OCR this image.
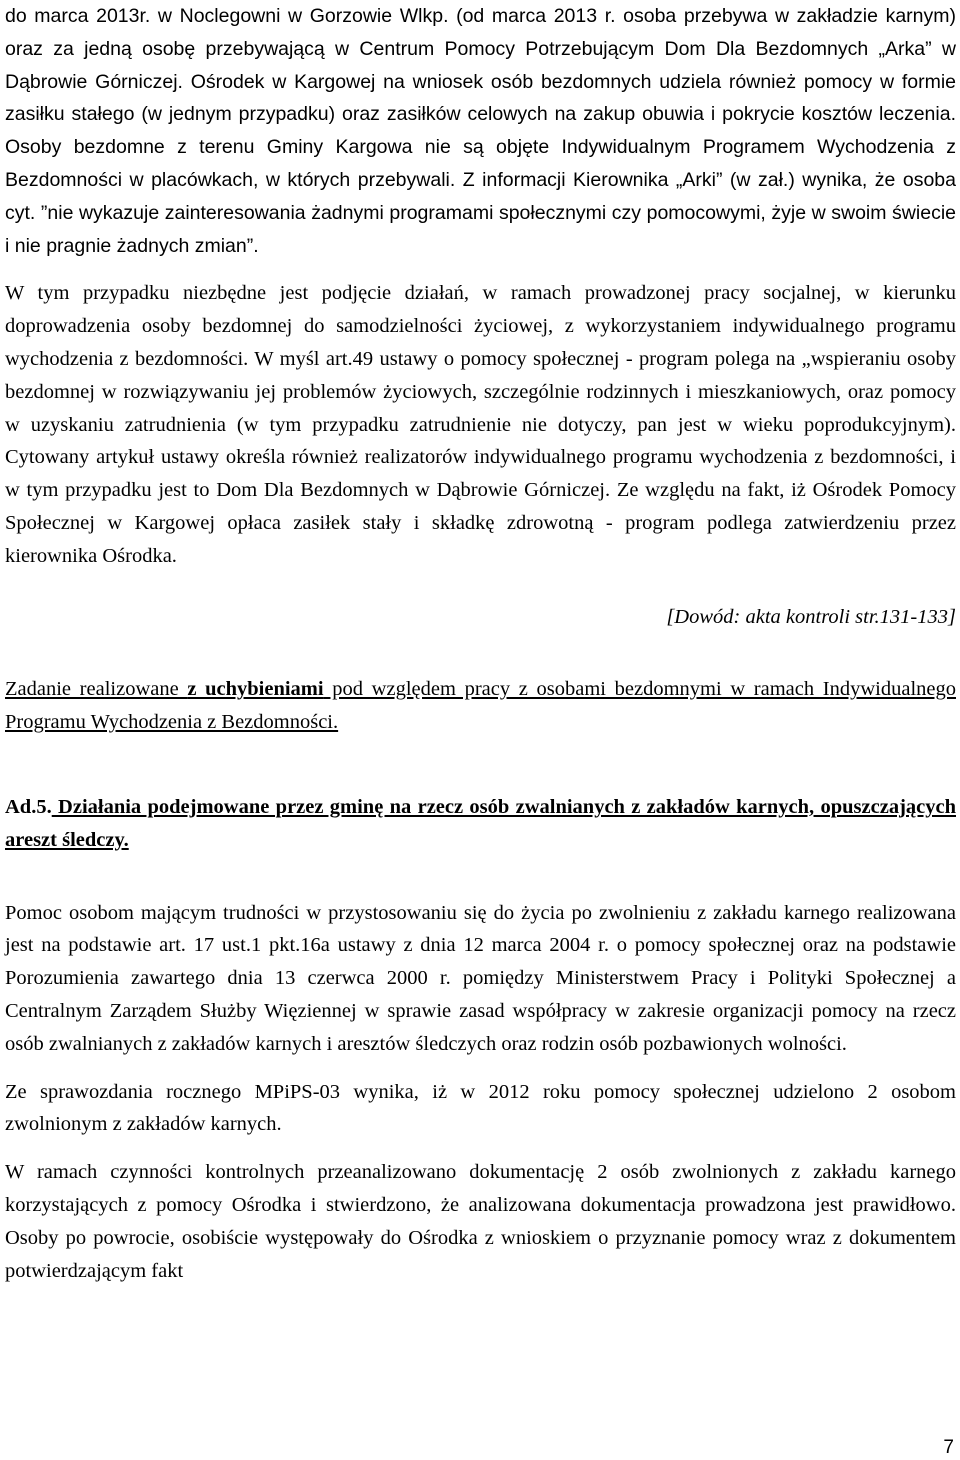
do marca 2013r. w Noclegowni w Gorzowie Wlkp. (od marca 2013 r. osoba przebywa w zakładzie karnym) oraz za jedną osobę przebywającą w Centrum Pomocy Potrzebującym Dom Dla Bezdomnych „Arka” w Dąbrowie Górniczej. Ośrodek w Kargowej na wniosek osób bezdomnych udziela również pomocy w formie zasiłku stałego (w jednym przypadku) oraz zasiłków celowych na zakup obuwia i pokrycie kosztów leczenia. Osoby bezdomne z terenu Gminy Kargowa nie są objęte Indywidualnym Programem Wychodzenia z Bezdomności w placówkach, w których przebywali. Z informacji Kierownika „Arki” (w zał.) wynika, że osoba cyt. ”nie wykazuje zainteresowania żadnymi programami społecznymi czy pomocowymi, żyje w swoim świecie i nie pragnie żadnych zmian”.

W tym przypadku niezbędne jest podjęcie działań, w ramach prowadzonej pracy socjalnej, w kierunku doprowadzenia osoby bezdomnej do samodzielności życiowej, z wykorzystaniem indywidualnego programu wychodzenia z bezdomności. W myśl art.49 ustawy o pomocy społecznej - program polega na „wspieraniu osoby bezdomnej w rozwiązywaniu jej problemów życiowych, szczególnie rodzinnych i mieszkaniowych, oraz pomocy w uzyskaniu zatrudnienia (w tym przypadku zatrudnienie nie dotyczy, pan jest w wieku poprodukcyjnym). Cytowany artykuł ustawy określa również realizatorów indywidualnego programu wychodzenia z bezdomności, i w tym przypadku jest to Dom Dla Bezdomnych w Dąbrowie Górniczej. Ze względu na fakt, iż Ośrodek Pomocy Społecznej w Kargowej opłaca zasiłek stały i składkę zdrowotną - program podlega zatwierdzeniu przez kierownika Ośrodka.

[Dowód: akta kontroli str.131-133]

Zadanie realizowane z uchybieniami pod względem pracy z osobami bezdomnymi w ramach Indywidualnego Programu Wychodzenia z Bezdomności.

Ad.5. Działania podejmowane przez gminę na rzecz osób zwalnianych z zakładów karnych, opuszczających areszt śledczy.

Pomoc osobom mającym trudności w przystosowaniu się do życia po zwolnieniu z zakładu karnego realizowana jest na podstawie art. 17 ust.1 pkt.16a ustawy z dnia 12 marca 2004 r. o pomocy społecznej oraz na podstawie Porozumienia zawartego dnia 13 czerwca 2000 r. pomiędzy Ministerstwem Pracy i Polityki Społecznej a Centralnym Zarządem Służby Więziennej w sprawie zasad współpracy w zakresie organizacji pomocy na rzecz osób zwalnianych z zakładów karnych i aresztów śledczych oraz rodzin osób pozbawionych wolności.

Ze sprawozdania rocznego MPiPS-03 wynika, iż w 2012 roku pomocy społecznej udzielono 2 osobom zwolnionym z zakładów karnych.

W ramach czynności kontrolnych przeanalizowano dokumentację 2 osób zwolnionych z zakładu karnego korzystających z pomocy Ośrodka i stwierdzono, że analizowana dokumentacja prowadzona jest prawidłowo. Osoby po powrocie, osobiście występowały do Ośrodka z wnioskiem o przyznanie pomocy wraz z dokumentem potwierdzającym fakt

7
